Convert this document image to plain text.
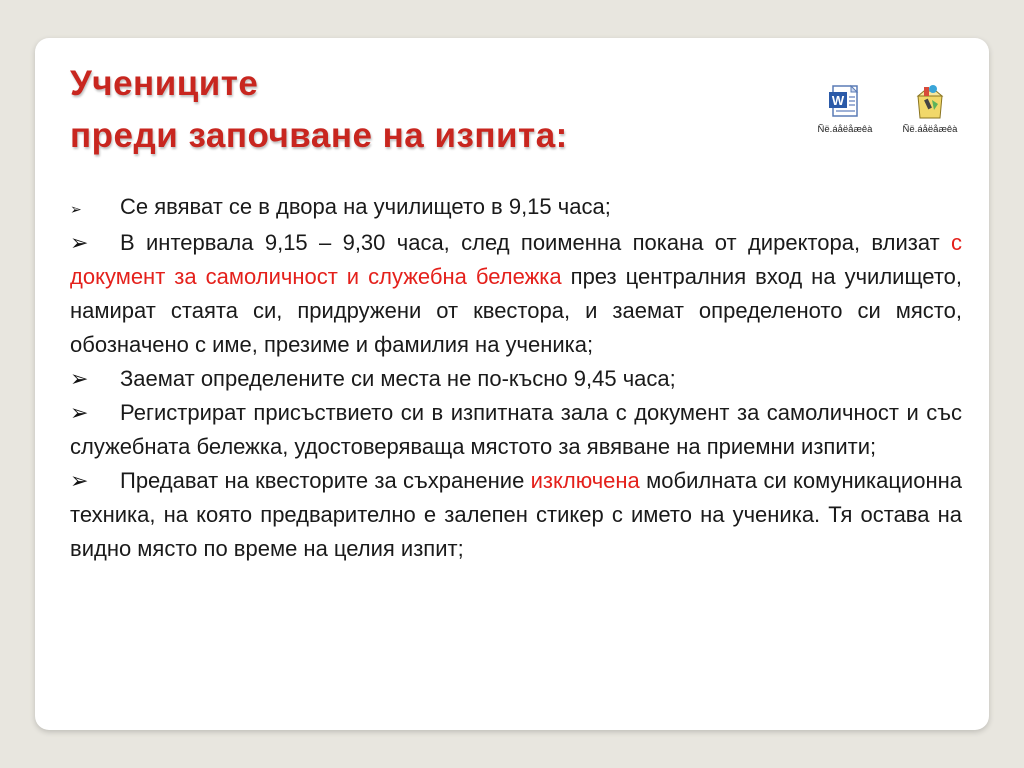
Учениците
преди започване на изпита:
W
Ñë.áåëåæêà	Ñë.áåëåæêà

➢ Се явяват се в двора на училището в 9,15 часа;

➢ В интервала 9,15 – 9,30 часа, след поименна покана от директора, влизат с документ за самоличност и служебна бележка през централния вход на училището, намират стаята си, придружени от квестора, и заемат определеното си място, обозначено с име, презиме и фамилия на ученика;

➢ Заемат определените си места не по-късно 9,45 часа;

➢ Регистрират присъствието си в изпитната зала с документ за самоличност и със служебната бележка, удостоверяваща мястото за явяване на приемни изпити;

➢ Предават на квесторите за съхранение изключена мобилната си комуникационна техника, на която предварително е залепен стикер с името на ученика. Тя остава на видно място по време на целия изпит;
